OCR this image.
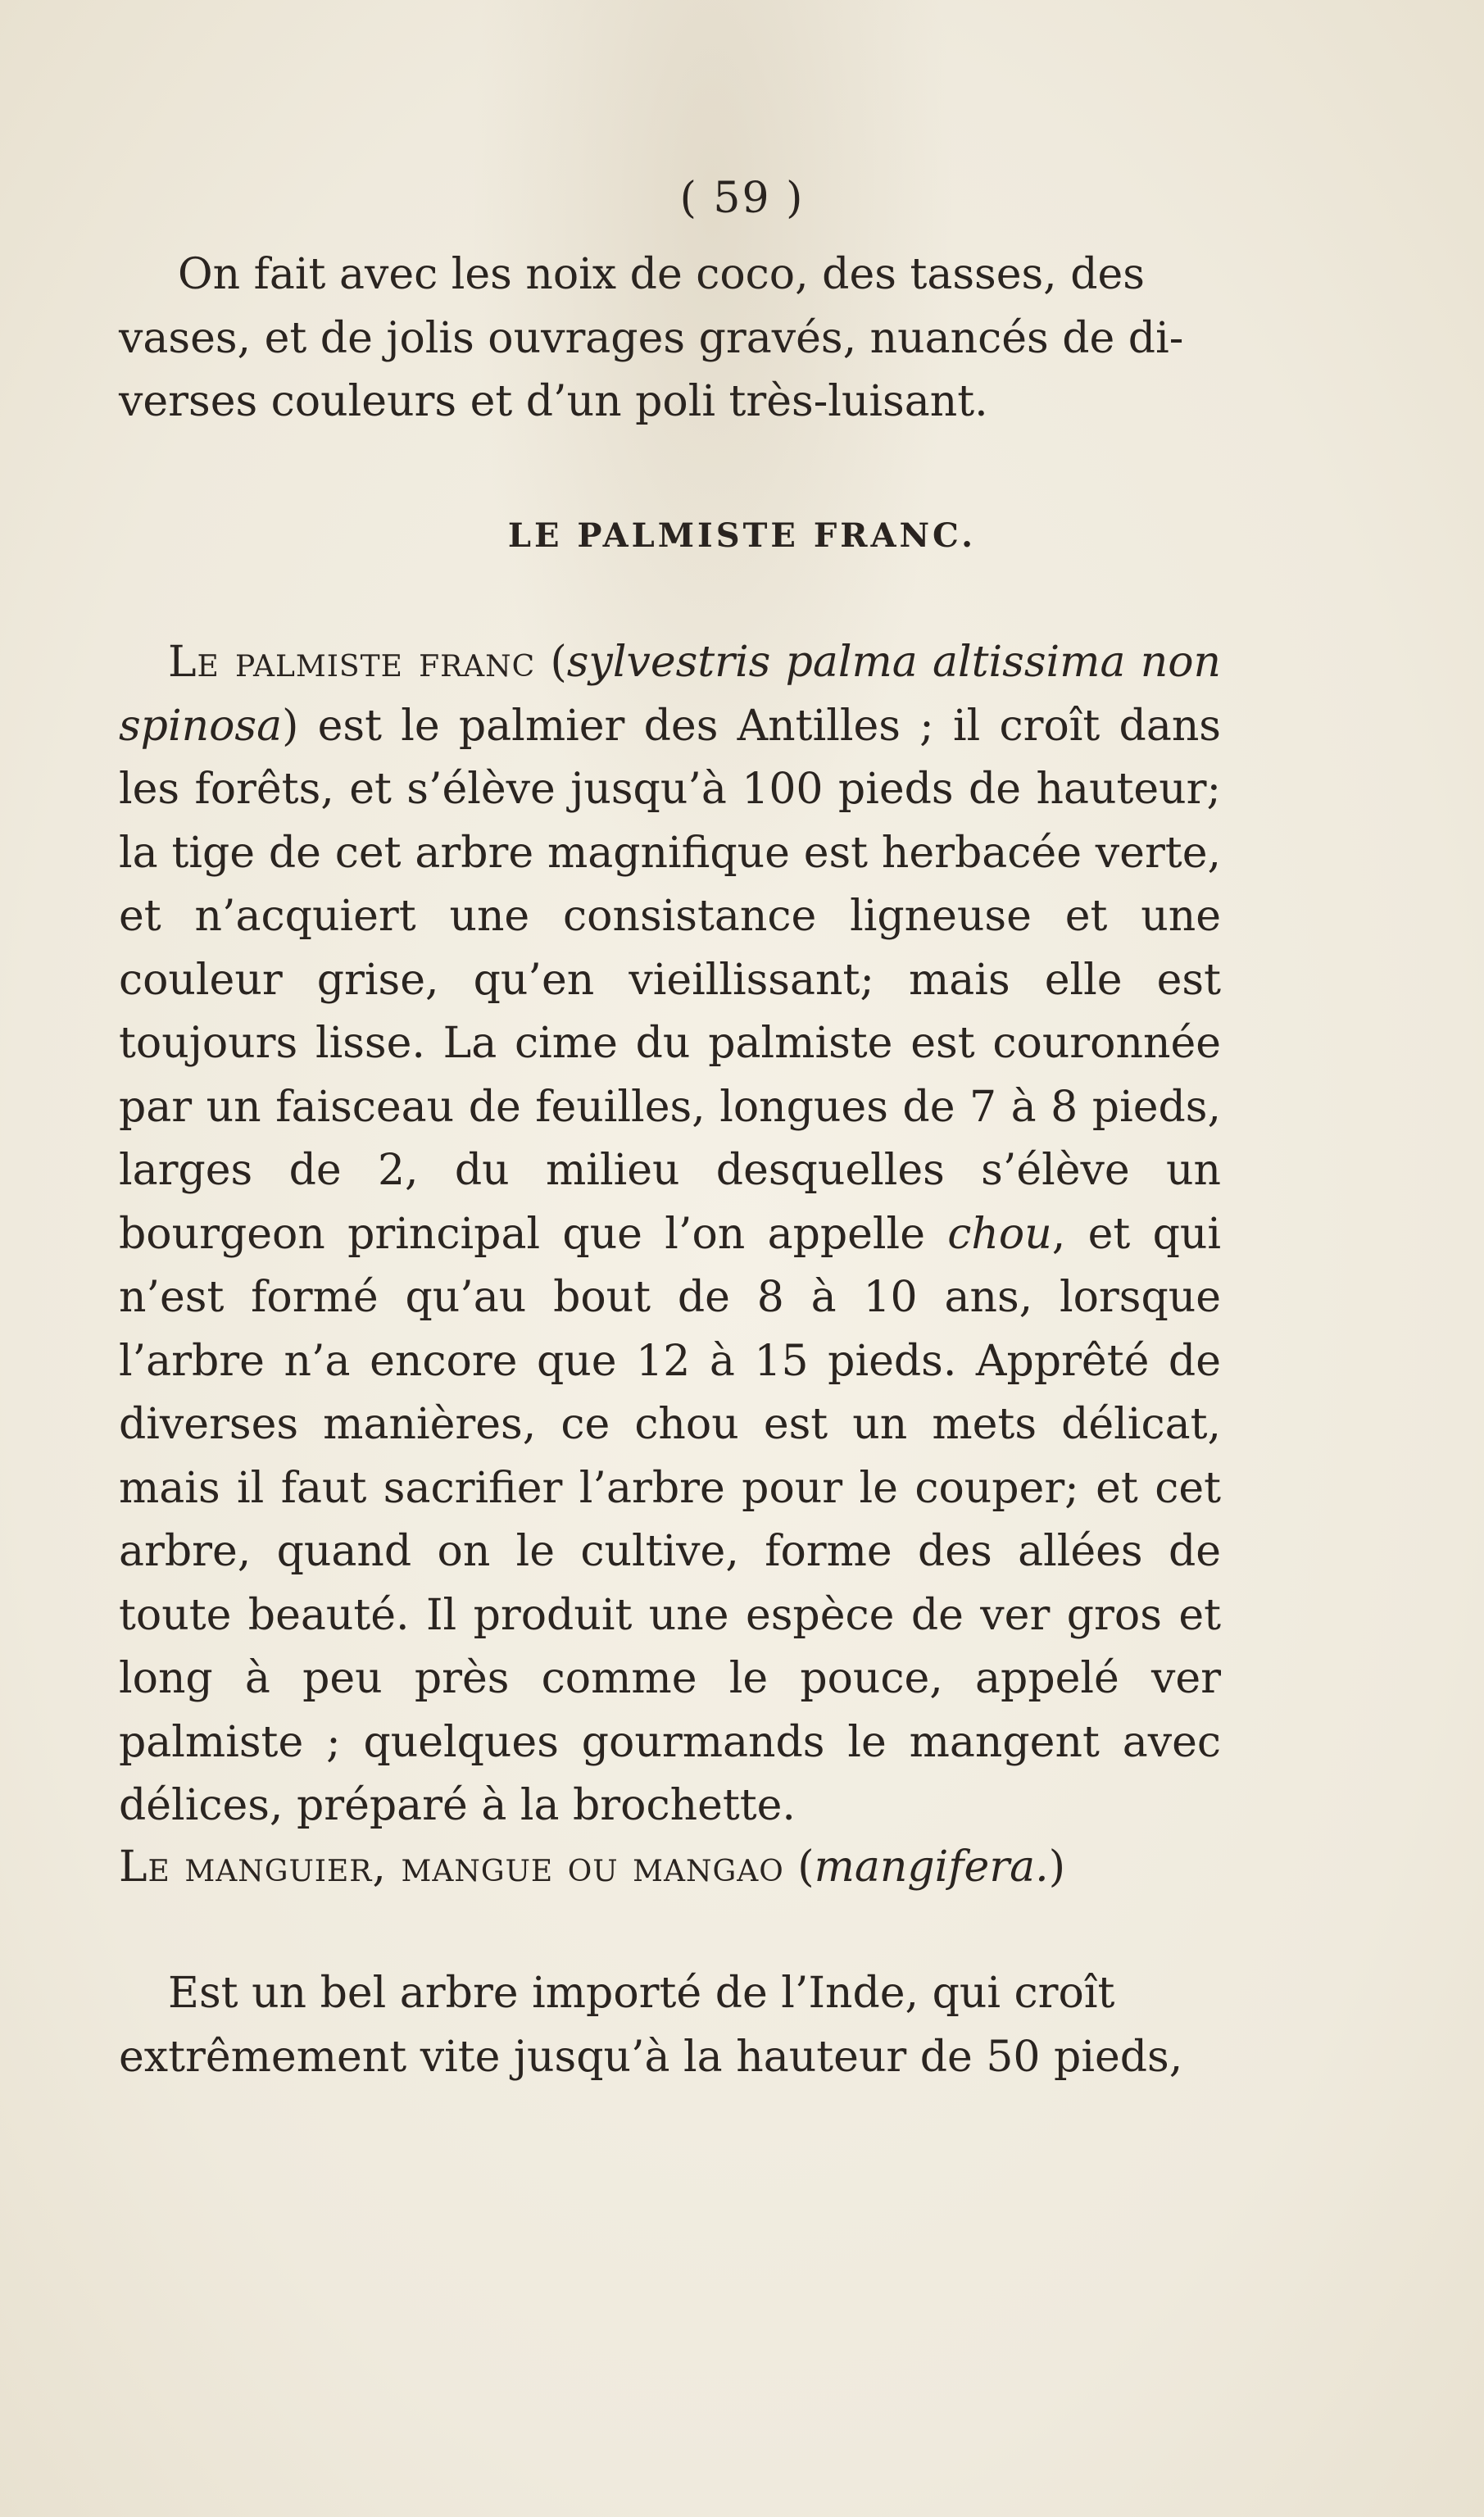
( 59 )
On fait avec les noix de coco, des tasses, des
vases, et de jolis ouvrages gravés, nuancés de di-
verses couleurs et d’un poli très-luisant.
LE PALMISTE FRANC.
Le palmiste franc (sylvestris palma altissima non spinosa) est le palmier des Antilles ; il croît dans les forêts, et s’élève jusqu’à 100 pieds de hauteur; la tige de cet arbre magnifique est herbacée verte, et n’acquiert une consistance ligneuse et une couleur grise, qu’en vieillissant; mais elle est toujours lisse. La cime du palmiste est couronnée par un faisceau de feuilles, longues de 7 à 8 pieds, larges de 2, du milieu desquelles s’élève un bourgeon principal que l’on appelle chou, et qui n’est formé qu’au bout de 8 à 10 ans, lorsque l’arbre n’a encore que 12 à 15 pieds. Apprêté de diverses manières, ce chou est un mets délicat, mais il faut sacrifier l’arbre pour le couper; et cet arbre, quand on le cultive, forme des allées de toute beauté. Il produit une espèce de ver gros et long à peu près comme le pouce, appelé ver palmiste ; quelques gourmands le mangent avec délices, préparé à la brochette.
Le manguier, mangue ou mangao (mangifera.)
Est un bel arbre importé de l’Inde, qui croît
extrêmement vite jusqu’à la hauteur de 50 pieds,
